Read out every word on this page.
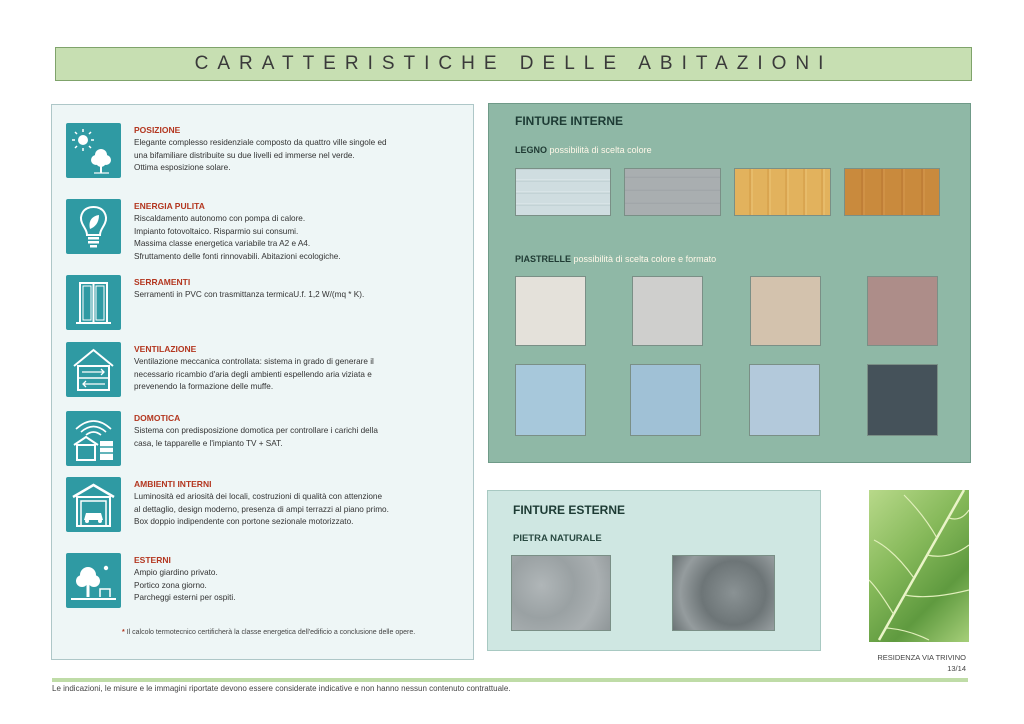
CARATTERISTICHE DELLE ABITAZIONI
POSIZIONE
Elegante complesso residenziale composto da quattro ville singole ed
una bifamiliare distribuite su due livelli ed immerse nel verde.
Ottima esposizione solare.
ENERGIA PULITA
Riscaldamento autonomo con pompa di calore.
Impianto fotovoltaico. Risparmio sui consumi.
Massima classe energetica variabile tra A2 e A4.
Sfruttamento delle fonti rinnovabili. Abitazioni ecologiche.
SERRAMENTI
Serramenti in PVC con trasmittanza termicaU.f. 1,2 W/(mq * K).
VENTILAZIONE
Ventilazione meccanica controllata: sistema in grado di generare il
necessario ricambio d'aria degli ambienti espellendo aria viziata e
prevenendo la formazione delle muffe.
DOMOTICA
Sistema con predisposizione domotica per controllare i carichi della
casa, le tapparelle e l'impianto TV + SAT.
AMBIENTI INTERNI
Luminosità ed ariosità dei locali, costruzioni di qualità con attenzione
al dettaglio, design moderno, presenza di ampi terrazzi al piano primo.
Box doppio indipendente con portone sezionale motorizzato.
ESTERNI
Ampio giardino privato.
Portico zona giorno.
Parcheggi esterni per ospiti.
* Il calcolo termotecnico certificherà la classe energetica dell'edificio a conclusione delle opere.
FINTURE INTERNE
LEGNO possibilità di scelta colore
PIASTRELLE possibilità di scelta colore e formato
FINTURE ESTERNE
PIETRA NATURALE
RESIDENZA VIA TRIVINO
13/14
Le indicazioni, le misure e le immagini riportate devono essere considerate indicative e non hanno nessun contenuto contrattuale.
